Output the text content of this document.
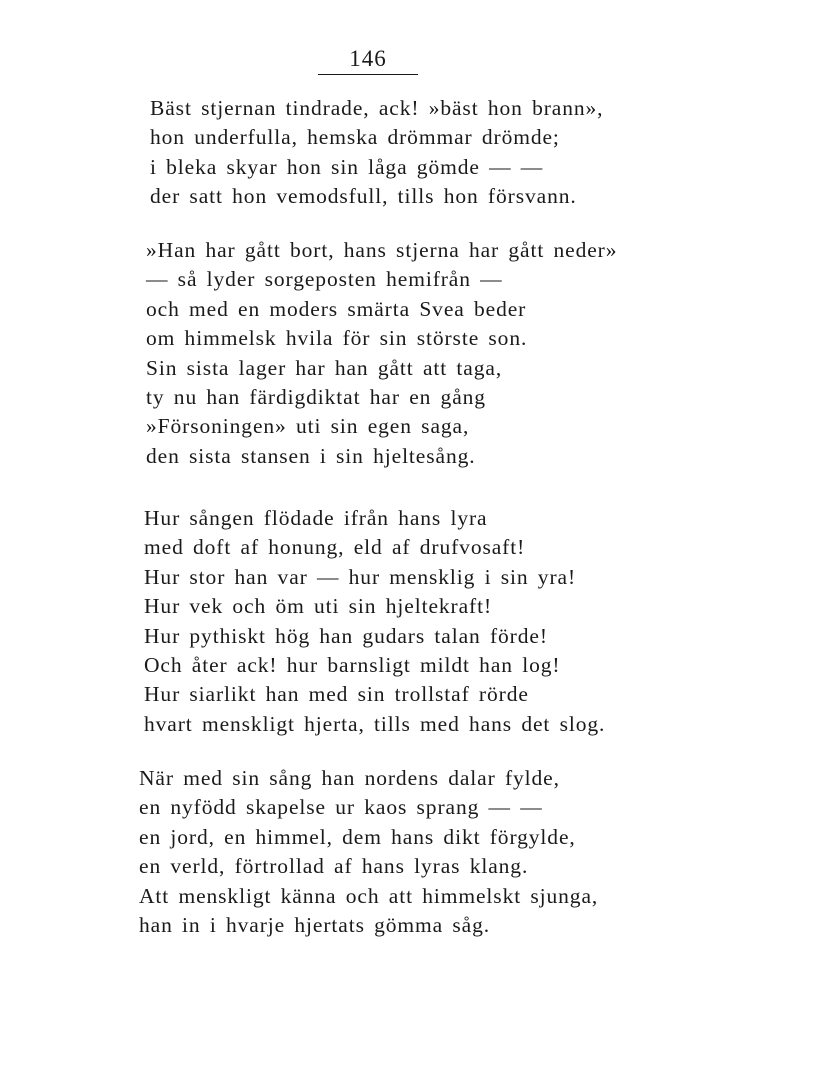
146
Bäst stjernan tindrade, ack! »bäst hon brann»,
hon underfulla, hemska drömmar drömde;
i bleka skyar hon sin låga gömde — —
der satt hon vemodsfull, tills hon försvann.
»Han har gått bort, hans stjerna har gått neder»
— så lyder sorgeposten hemifrån —
och med en moders smärta Svea beder
om himmelsk hvila för sin störste son.
Sin sista lager har han gått att taga,
ty nu han färdigdiktat har en gång
»Försoningen» uti sin egen saga,
den sista stansen i sin hjeltesång.
Hur sången flödade ifrån hans lyra
med doft af honung, eld af drufvosaft!
Hur stor han var — hur mensklig i sin yra!
Hur vek och öm uti sin hjeltekraft!
Hur pythiskt hög han gudars talan förde!
Och åter ack! hur barnsligt mildt han log!
Hur siarlikt han med sin trollstaf rörde
hvart menskligt hjerta, tills med hans det slog.
När med sin sång han nordens dalar fylde,
en nyfödd skapelse ur kaos sprang — —
en jord, en himmel, dem hans dikt förgylde,
en verld, förtrollad af hans lyras klang.
Att menskligt känna och att himmelskt sjunga,
han in i hvarje hjertats gömma såg.
